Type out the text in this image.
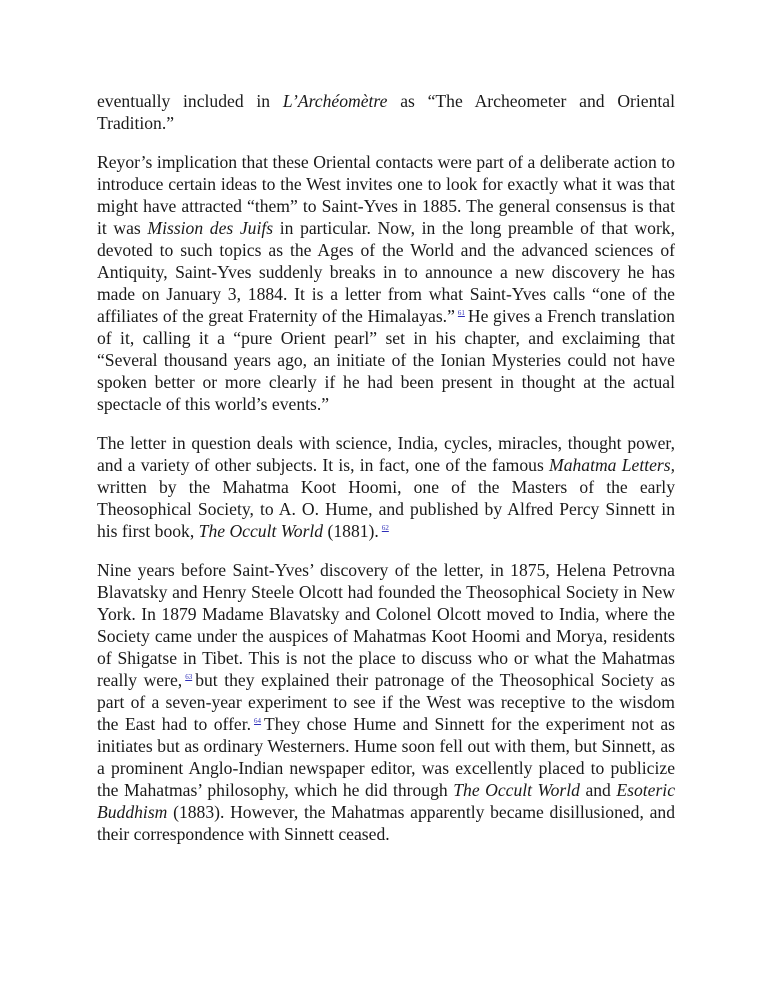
eventually included in L’Archéomètre as “The Archeometer and Oriental Tradition.”

Reyor’s implication that these Oriental contacts were part of a deliberate action to introduce certain ideas to the West invites one to look for exactly what it was that might have attracted “them” to Saint-Yves in 1885. The general consensus is that it was Mission des Juifs in particular. Now, in the long preamble of that work, devoted to such topics as the Ages of the World and the advanced sciences of Antiquity, Saint-Yves suddenly breaks in to announce a new discovery he has made on January 3, 1884. It is a letter from what Saint-Yves calls “one of the affiliates of the great Fraternity of the Himalayas.” $^{61}$ He gives a French translation of it, calling it a “pure Orient pearl” set in his chapter, and exclaiming that “Several thousand years ago, an initiate of the Ionian Mysteries could not have spoken better or more clearly if he had been present in thought at the actual spectacle of this world’s events.”

The letter in question deals with science, India, cycles, miracles, thought power, and a variety of other subjects. It is, in fact, one of the famous Mahatma Letters, written by the Mahatma Koot Hoomi, one of the Masters of the early Theosophical Society, to A. O. Hume, and published by Alfred Percy Sinnett in his first book, The Occult World (1881). $^{62}$

Nine years before Saint-Yves’ discovery of the letter, in 1875, Helena Petrovna Blavatsky and Henry Steele Olcott had founded the Theosophical Society in New York. In 1879 Madame Blavatsky and Colonel Olcott moved to India, where the Society came under the auspices of Mahatmas Koot Hoomi and Morya, residents of Shigatse in Tibet. This is not the place to discuss who or what the Mahatmas really were, $^{63}$ but they explained their patronage of the Theosophical Society as part of a seven-year experiment to see if the West was receptive to the wisdom the East had to offer. $^{64}$ They chose Hume and Sinnett for the experiment not as initiates but as ordinary Westerners. Hume soon fell out with them, but Sinnett, as a prominent Anglo-Indian newspaper editor, was excellently placed to publicize the Mahatmas’ philosophy, which he did through The Occult World and Esoteric Buddhism (1883). However, the Mahatmas apparently became disillusioned, and their correspondence with Sinnett ceased.
